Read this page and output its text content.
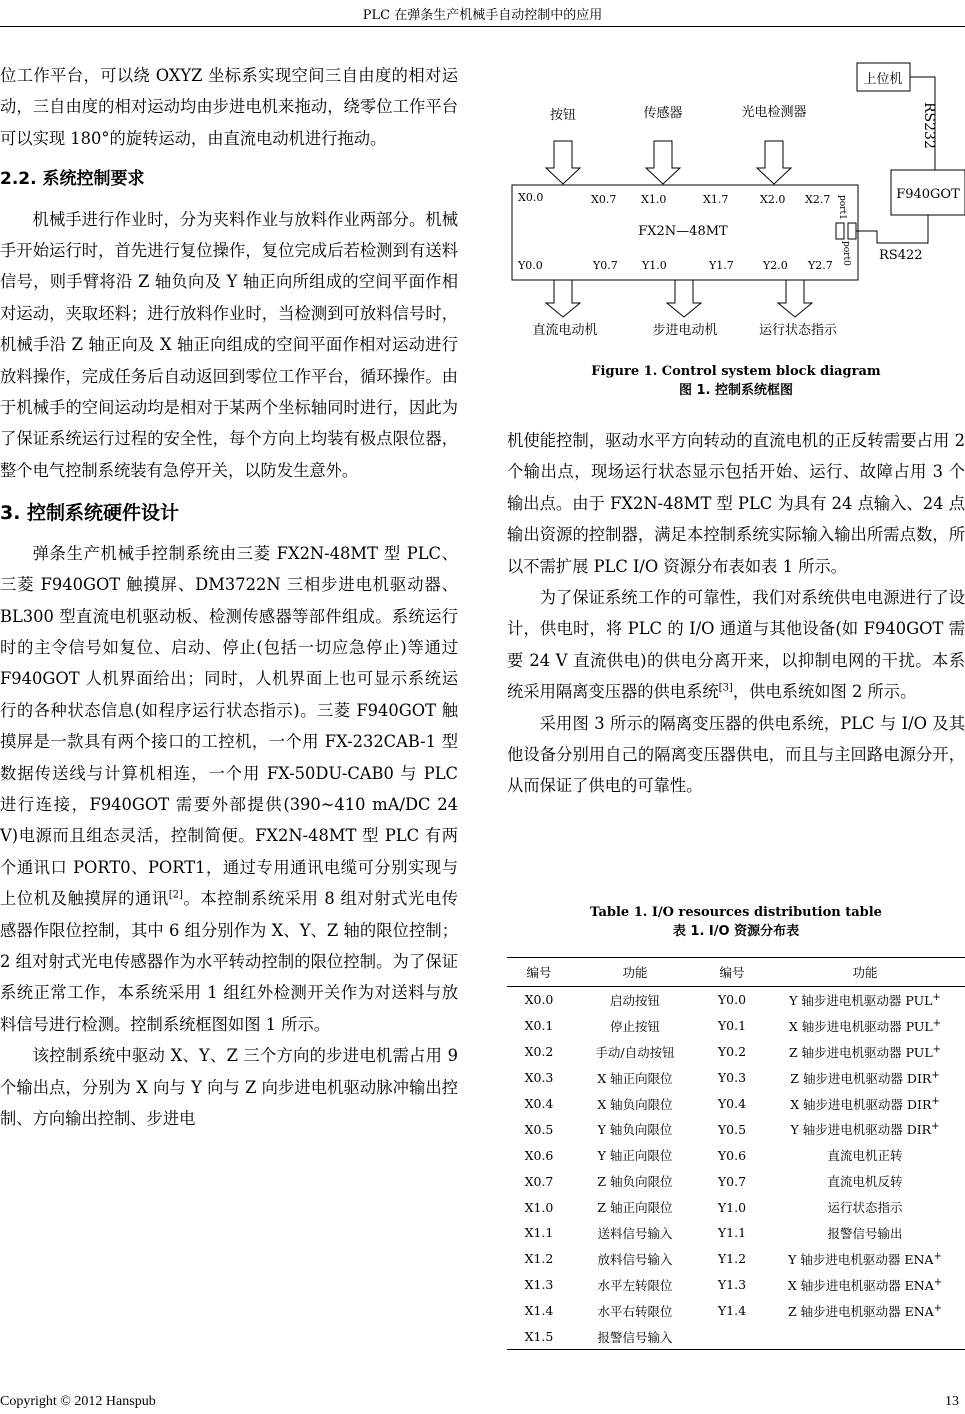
PLC 在弹条生产机械手自动控制中的应用

位工作平台，可以绕 OXYZ 坐标系实现空间三自由度的相对运动，三自由度的相对运动均由步进电机来拖动，绕零位工作平台可以实现 180°的旋转运动，由直流电动机进行拖动。

2.2. 系统控制要求

机械手进行作业时，分为夹料作业与放料作业两部分。机械手开始运行时，首先进行复位操作，复位完成后若检测到有送料信号，则手臂将沿 Z 轴负向及 Y 轴正向所组成的空间平面作相对运动，夹取坯料；进行放料作业时，当检测到可放料信号时，机械手沿 Z 轴正向及 X 轴正向组成的空间平面作相对运动进行放料操作，完成任务后自动返回到零位工作平台，循环操作。由于机械手的空间运动均是相对于某两个坐标轴同时进行，因此为了保证系统运行过程的安全性，每个方向上均装有极点限位器，整个电气控制系统装有急停开关，以防发生意外。

3. 控制系统硬件设计

弹条生产机械手控制系统由三菱 FX2N-48MT 型 PLC、三菱 F940GOT 触摸屏、DM3722N 三相步进电机驱动器、BL300 型直流电机驱动板、检测传感器等部件组成。系统运行时的主令信号如复位、启动、停止(包括一切应急停止)等通过 F940GOT 人机界面给出；同时，人机界面上也可显示系统运行的各种状态信息(如程序运行状态指示)。三菱 F940GOT 触摸屏是一款具有两个接口的工控机，一个用 FX-232CAB-1 型数据传送线与计算机相连，一个用 FX-50DU-CAB0 与 PLC 进行连接，F940GOT 需要外部提供(390~410 mA/DC 24 V)电源而且组态灵活，控制简便。FX2N-48MT 型 PLC 有两个通讯口 PORT0、PORT1，通过专用通讯电缆可分别实现与上位机及触摸屏的通讯[2]。本控制系统采用 8 组对射式光电传感器作限位控制，其中 6 组分别作为 X、Y、Z 轴的限位控制；2 组对射式光电传感器作为水平转动控制的限位控制。为了保证系统正常工作，本系统采用 1 组红外检测开关作为对送料与放料信号进行检测。控制系统框图如图 1 所示。

该控制系统中驱动 X、Y、Z 三个方向的步进电机需占用 9 个输出点，分别为 X 向与 Y 向与 Z 向步进电机驱动脉冲输出控制、方向输出控制、步进电

按钮	传感器	光电检测器
X0.0	X0.7 X1.0	X1.7	X2.0 X2.7
FX2N—48MT
Y0.0	Y0.7 Y1.0	Y1.7	Y2.0 Y2.7
port1
port0
上位机
RS232
F940GOT
RS422
直流电动机	步进电动机	运行状态指示
Figure 1. Control system block diagram
图 1. 控制系统框图

机使能控制，驱动水平方向转动的直流电机的正反转需要占用 2 个输出点，现场运行状态显示包括开始、运行、故障占用 3 个输出点。由于 FX2N-48MT 型 PLC 为具有 24 点输入、24 点输出资源的控制器，满足本控制系统实际输入输出所需点数，所以不需扩展 PLC I/O 资源分布表如表 1 所示。

为了保证系统工作的可靠性，我们对系统供电电源进行了设计，供电时，将 PLC 的 I/O 通道与其他设备(如 F940GOT 需要 24 V 直流供电)的供电分离开来，以抑制电网的干扰。本系统采用隔离变压器的供电系统[3]，供电系统如图 2 所示。

采用图 3 所示的隔离变压器的供电系统，PLC 与 I/O 及其他设备分别用自己的隔离变压器供电，而且与主回路电源分开，从而保证了供电的可靠性。

Table 1. I/O resources distribution table
表 1. I/O 资源分布表
编号	功能	编号	功能
X0.0	启动按钮	Y0.0	Y 轴步进电机驱动器 PUL+
X0.1	停止按钮	Y0.1	X 轴步进电机驱动器 PUL+
X0.2	手动/自动按钮	Y0.2	Z 轴步进电机驱动器 PUL+
X0.3	X 轴正向限位	Y0.3	Z 轴步进电机驱动器 DIR+
X0.4	X 轴负向限位	Y0.4	X 轴步进电机驱动器 DIR+
X0.5	Y 轴负向限位	Y0.5	Y 轴步进电机驱动器 DIR+
X0.6	Y 轴正向限位	Y0.6	直流电机正转
X0.7	Z 轴负向限位	Y0.7	直流电机反转
X1.0	Z 轴正向限位	Y1.0	运行状态指示
X1.1	送料信号输入	Y1.1	报警信号输出
X1.2	放料信号输入	Y1.2	Y 轴步进电机驱动器 ENA+
X1.3	水平左转限位	Y1.3	X 轴步进电机驱动器 ENA+
X1.4	水平右转限位	Y1.4	Z 轴步进电机驱动器 ENA+
X1.5	报警信号输入		
Copyright © 2012 Hanspub	13
